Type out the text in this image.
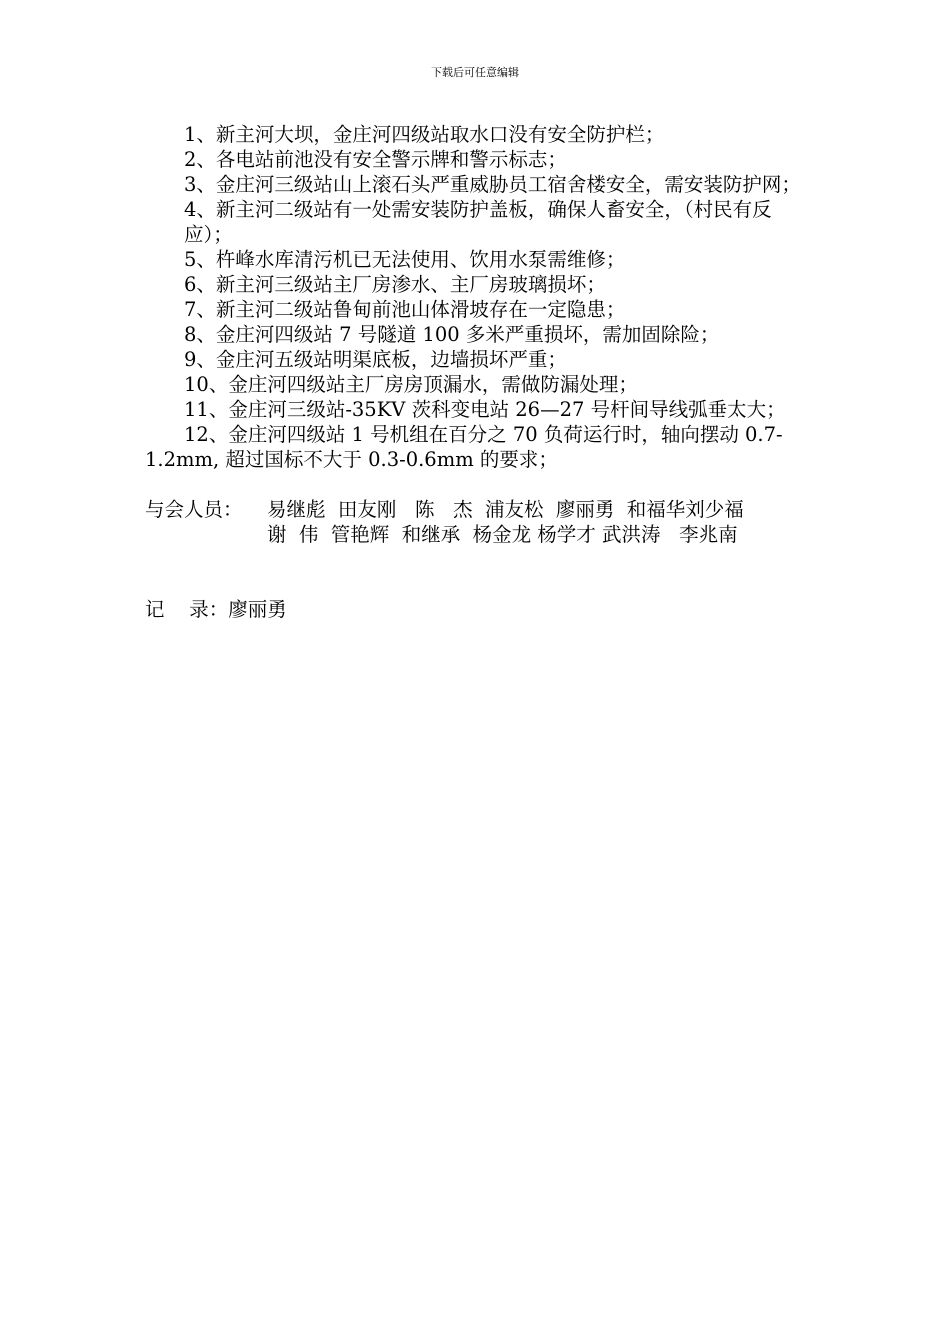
下载后可任意编辑

1、新主河大坝，金庄河四级站取水口没有安全防护栏；

2、各电站前池没有安全警示牌和警示标志；

3、金庄河三级站山上滚石头严重威胁员工宿舍楼安全，需安装防护网；

4、新主河二级站有一处需安装防护盖板，确保人畜安全，（村民有反应）；

5、杵峰水库清污机已无法使用、饮用水泵需维修；

6、新主河三级站主厂房渗水、主厂房玻璃损坏；

7、新主河二级站鲁甸前池山体滑坡存在一定隐患；

8、金庄河四级站 7 号隧道 100 多米严重损坏，需加固除险；

9、金庄河五级站明渠底板，边墙损坏严重；

10、金庄河四级站主厂房房顶漏水，需做防漏处理；

11、金庄河三级站-35KV 茨科变电站 26—27 号杆间导线弧垂太大；

12、金庄河四级站 1 号机组在百分之 70 负荷运行时，轴向摆动 0.7-1.2mm, 超过国标不大于 0.3-0.6mm 的要求；

与会人员：	易继彪  田友刚   陈   杰  浦友松  廖丽勇  和福华刘少福
谢  伟  管艳辉  和继承  杨金龙 杨学才 武洪涛   李兆南
记    录：廖丽勇
